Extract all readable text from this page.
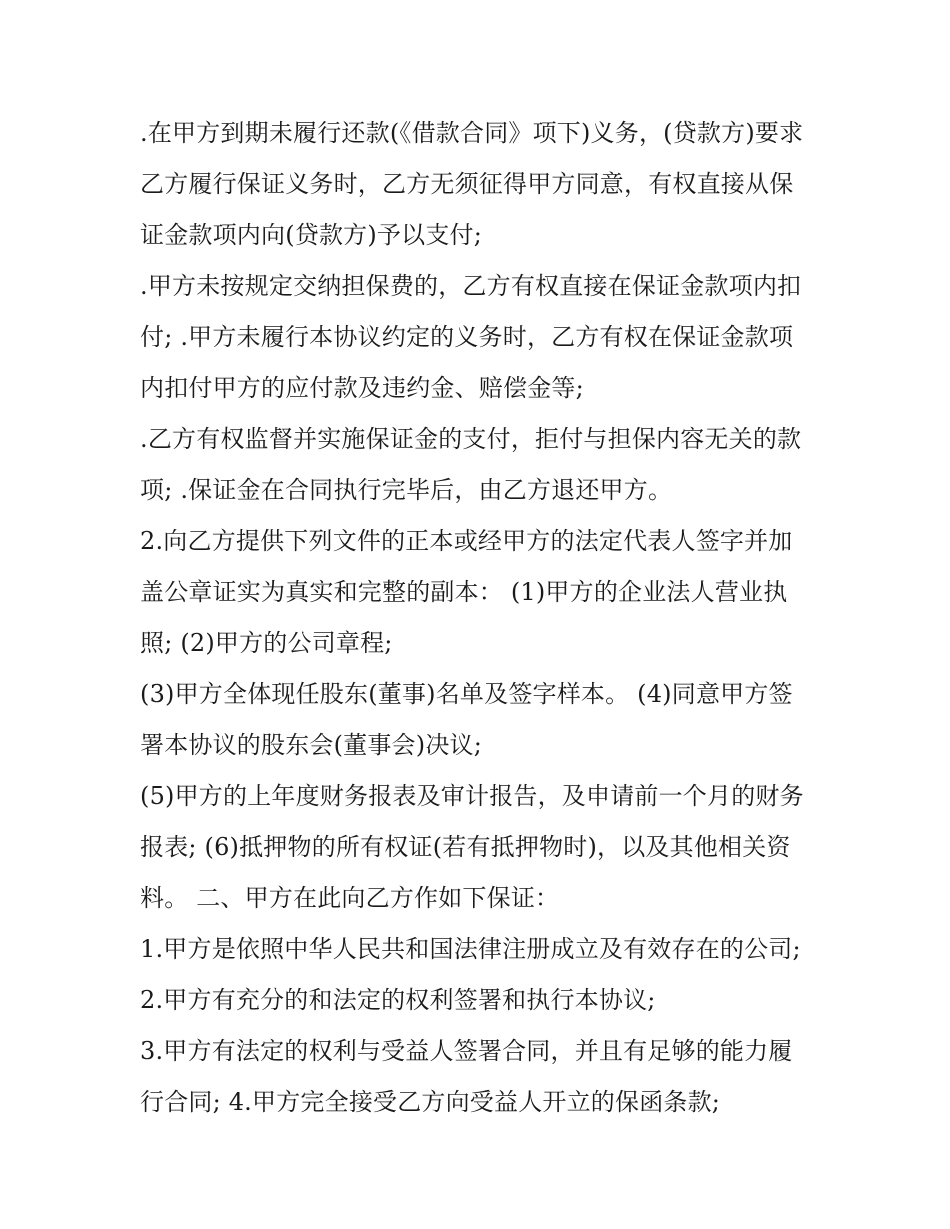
.在甲方到期未履行还款(《借款合同》项下)义务，(贷款方)要求乙方履行保证义务时，乙方无须征得甲方同意，有权直接从保证金款项内向(贷款方)予以支付;

.甲方未按规定交纳担保费的，乙方有权直接在保证金款项内扣付; .甲方未履行本协议约定的义务时，乙方有权在保证金款项内扣付甲方的应付款及违约金、赔偿金等;

.乙方有权监督并实施保证金的支付，拒付与担保内容无关的款项; .保证金在合同执行完毕后，由乙方退还甲方。

2.向乙方提供下列文件的正本或经甲方的法定代表人签字并加盖公章证实为真实和完整的副本： (1)甲方的企业法人营业执照; (2)甲方的公司章程;

(3)甲方全体现任股东(董事)名单及签字样本。 (4)同意甲方签署本协议的股东会(董事会)决议;

(5)甲方的上年度财务报表及审计报告，及申请前一个月的财务报表; (6)抵押物的所有权证(若有抵押物时)，以及其他相关资料。 二、甲方在此向乙方作如下保证：

1.甲方是依照中华人民共和国法律注册成立及有效存在的公司;

2.甲方有充分的和法定的权利签署和执行本协议;

3.甲方有法定的权利与受益人签署合同，并且有足够的能力履行合同; 4.甲方完全接受乙方向受益人开立的保函条款;
